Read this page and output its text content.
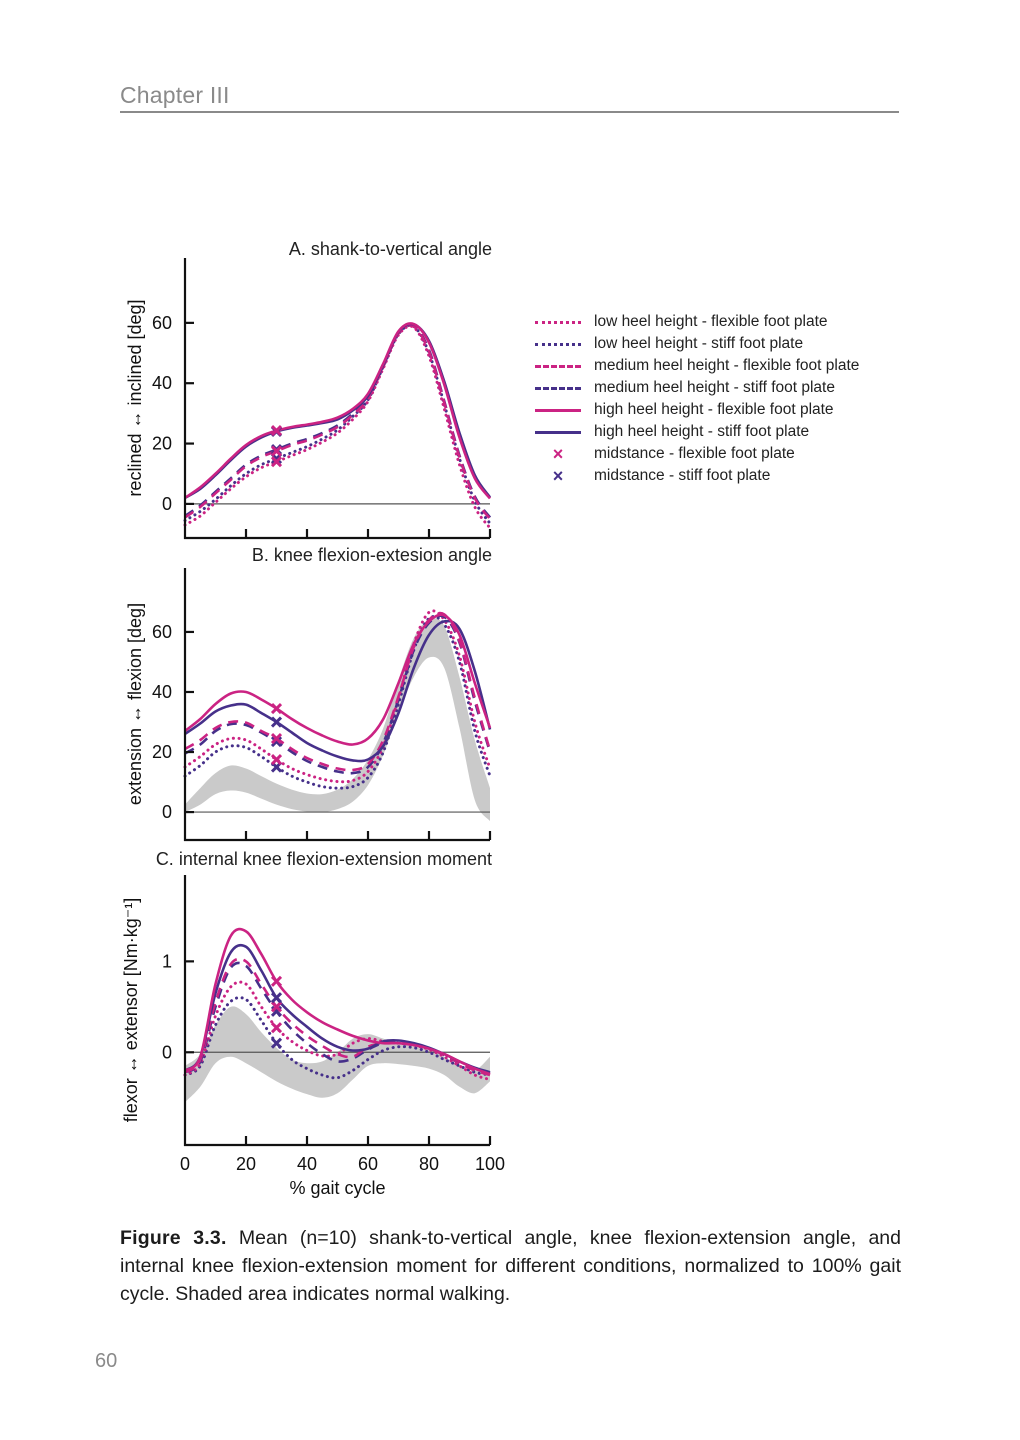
Chapter III
0
20
40
60
A. shank-to-vertical angle
reclined ↔ inclined [deg]
0
20
40
60
B. knee flexion-extesion angle
extension ↔ flexion [deg]
0
1
0	20 40 60 80 100
% gait cycle
C. internal knee flexion-extension moment
flexor ↔ extensor [Nm·kg⁻¹]
low heel height - flexible foot plate
low heel height - stiff foot plate
medium heel height - flexible foot plate
medium heel height - stiff foot plate
high heel height - flexible foot plate
high heel height - stiff foot plate
× midstance - flexible foot plate
× midstance - stiff foot plate

Figure 3.3. Mean (n=10) shank-to-vertical angle, knee flexion-extension angle, and internal knee flexion-extension moment for different conditions, normalized to 100% gait cycle. Shaded area indicates normal walking.

60
